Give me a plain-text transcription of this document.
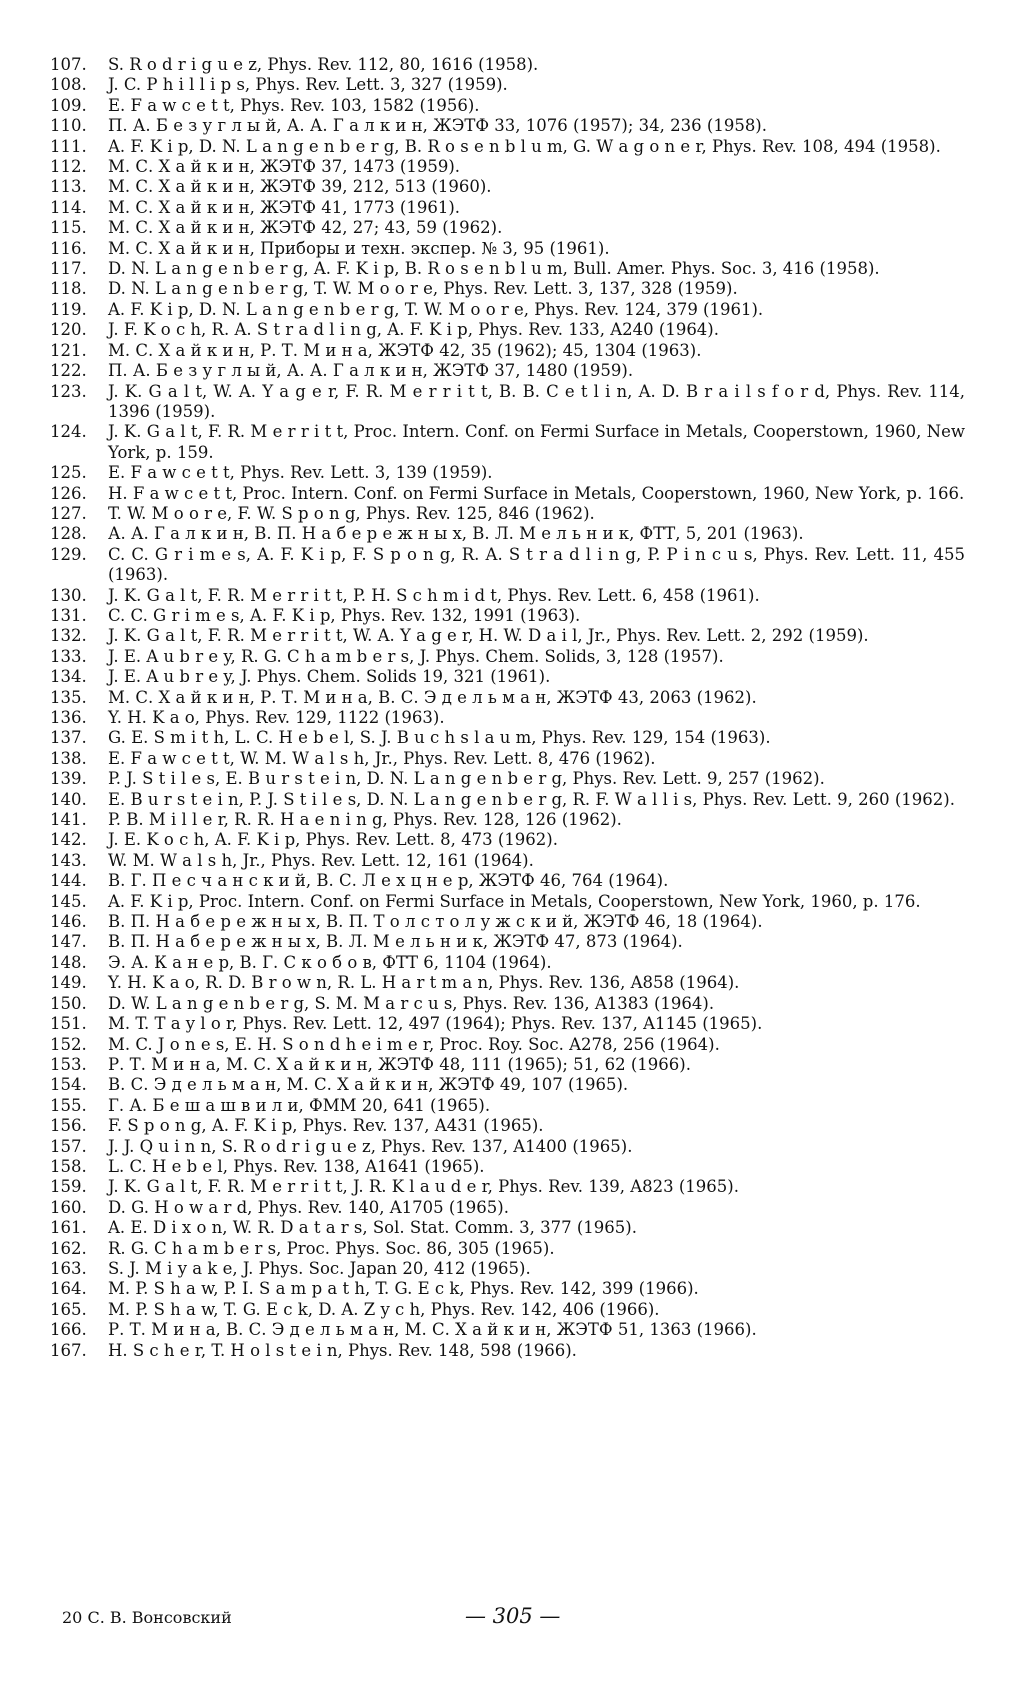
107.	S. R o d r i g u e z, Phys. Rev. 112, 80, 1616 (1958).
108.	J. C. P h i l l i p s, Phys. Rev. Lett. 3, 327 (1959).
109.	E. F a w c e t t, Phys. Rev. 103, 1582 (1956).
110.	П. А. Б е з у г л ы й, А. А. Г а л к и н, ЖЭТФ 33, 1076 (1957); 34, 236 (1958).
111.	A. F. K i p, D. N. L a n g e n b e r g, B. R o s e n b l u m, G. W a g o n e r, Phys. Rev. 108, 494 (1958).
112.	М. С. Х а й к и н, ЖЭТФ 37, 1473 (1959).
113.	М. С. Х а й к и н, ЖЭТФ 39, 212, 513 (1960).
114.	М. С. Х а й к и н, ЖЭТФ 41, 1773 (1961).
115.	М. С. Х а й к и н, ЖЭТФ 42, 27; 43, 59 (1962).
116.	М. С. Х а й к и н, Приборы и техн. экспер. № 3, 95 (1961).
117.	D. N. L a n g e n b e r g, A. F. K i p, B. R o s e n b l u m, Bull. Amer. Phys. Soc. 3, 416 (1958).
118.	D. N. L a n g e n b e r g, T. W. M o o r e, Phys. Rev. Lett. 3, 137, 328 (1959).
119.	A. F. K i p, D. N. L a n g e n b e r g, T. W. M o o r e, Phys. Rev. 124, 379 (1961).
120.	J. F. K o c h, R. A. S t r a d l i n g, A. F. K i p, Phys. Rev. 133, A240 (1964).
121.	М. С. Х а й к и н, Р. Т. М и н а, ЖЭТФ 42, 35 (1962); 45, 1304 (1963).
122.	П. А. Б е з у г л ы й, А. А. Г а л к и н, ЖЭТФ 37, 1480 (1959).
123.	J. K. G a l t, W. A. Y a g e r, F. R. M e r r i t t, B. B. C e t l i n, A. D. B r a i l s f o r d, Phys. Rev. 114, 1396 (1959).
124.	J. K. G a l t, F. R. M e r r i t t, Proc. Intern. Conf. on Fermi Surface in Metals, Cooperstown, 1960, New York, p. 159.
125.	E. F a w c e t t, Phys. Rev. Lett. 3, 139 (1959).
126.	H. F a w c e t t, Proc. Intern. Conf. on Fermi Surface in Metals, Cooperstown, 1960, New York, p. 166.
127.	T. W. M o o r e, F. W. S p o n g, Phys. Rev. 125, 846 (1962).
128.	А. А. Г а л к и н, В. П. Н а б е р е ж н ы х, В. Л. М е л ь н и к, ФТТ, 5, 201 (1963).
129.	C. C. G r i m e s, A. F. K i p, F. S p o n g, R. A. S t r a d l i n g, P. P i n c u s, Phys. Rev. Lett. 11, 455 (1963).
130.	J. K. G a l t, F. R. M e r r i t t, P. H. S c h m i d t, Phys. Rev. Lett. 6, 458 (1961).
131.	C. C. G r i m e s, A. F. K i p, Phys. Rev. 132, 1991 (1963).
132.	J. K. G a l t, F. R. M e r r i t t, W. A. Y a g e r, H. W. D a i l, Jr., Phys. Rev. Lett. 2, 292 (1959).
133.	J. E. A u b r e y, R. G. C h a m b e r s, J. Phys. Chem. Solids, 3, 128 (1957).
134.	J. E. A u b r e y, J. Phys. Chem. Solids 19, 321 (1961).
135.	М. С. Х а й к и н, Р. Т. М и н а, В. С. Э д е л ь м а н, ЖЭТФ 43, 2063 (1962).
136.	Y. H. K a o, Phys. Rev. 129, 1122 (1963).
137.	G. E. S m i t h, L. C. H e b e l, S. J. B u c h s l a u m, Phys. Rev. 129, 154 (1963).
138.	E. F a w c e t t, W. M. W a l s h, Jr., Phys. Rev. Lett. 8, 476 (1962).
139.	P. J. S t i l e s, E. B u r s t e i n, D. N. L a n g e n b e r g, Phys. Rev. Lett. 9, 257 (1962).
140.	E. B u r s t e i n, P. J. S t i l e s, D. N. L a n g e n b e r g, R. F. W a l l i s, Phys. Rev. Lett. 9, 260 (1962).
141.	P. B. M i l l e r, R. R. H a e n i n g, Phys. Rev. 128, 126 (1962).
142.	J. E. K o c h, A. F. K i p, Phys. Rev. Lett. 8, 473 (1962).
143.	W. M. W a l s h, Jr., Phys. Rev. Lett. 12, 161 (1964).
144.	В. Г. П е с ч а н с к и й, В. С. Л е х ц н е р, ЖЭТФ 46, 764 (1964).
145.	A. F. K i p, Proc. Intern. Conf. on Fermi Surface in Metals, Cooperstown, New York, 1960, p. 176.
146.	В. П. Н а б е р е ж н ы х, В. П. Т о л с т о л у ж с к и й, ЖЭТФ 46, 18 (1964).
147.	В. П. Н а б е р е ж н ы х, В. Л. М е л ь н и к, ЖЭТФ 47, 873 (1964).
148.	Э. А. К а н е р, В. Г. С к о б о в, ФТТ 6, 1104 (1964).
149.	Y. H. K a o, R. D. B r o w n, R. L. H a r t m a n, Phys. Rev. 136, A858 (1964).
150.	D. W. L a n g e n b e r g, S. M. M a r c u s, Phys. Rev. 136, A1383 (1964).
151.	M. T. T a y l o r, Phys. Rev. Lett. 12, 497 (1964); Phys. Rev. 137, A1145 (1965).
152.	M. C. J o n e s, E. H. S o n d h e i m e r, Proc. Roy. Soc. A278, 256 (1964).
153.	Р. Т. М и н а, М. С. Х а й к и н, ЖЭТФ 48, 111 (1965); 51, 62 (1966).
154.	В. С. Э д е л ь м а н, М. С. Х а й к и н, ЖЭТФ 49, 107 (1965).
155.	Г. А. Б е ш а ш в и л и, ФММ 20, 641 (1965).
156.	F. S p o n g, A. F. K i p, Phys. Rev. 137, A431 (1965).
157.	J. J. Q u i n n, S. R o d r i g u e z, Phys. Rev. 137, A1400 (1965).
158.	L. C. H e b e l, Phys. Rev. 138, A1641 (1965).
159.	J. K. G a l t, F. R. M e r r i t t, J. R. K l a u d e r, Phys. Rev. 139, A823 (1965).
160.	D. G. H o w a r d, Phys. Rev. 140, A1705 (1965).
161.	A. E. D i x o n, W. R. D a t a r s, Sol. Stat. Comm. 3, 377 (1965).
162.	R. G. C h a m b e r s, Proc. Phys. Soc. 86, 305 (1965).
163.	S. J. M i y a k e, J. Phys. Soc. Japan 20, 412 (1965).
164.	M. P. S h a w, P. I. S a m p a t h, T. G. E c k, Phys. Rev. 142, 399 (1966).
165.	M. P. S h a w, T. G. E c k, D. A. Z y c h, Phys. Rev. 142, 406 (1966).
166.	Р. Т. М и н а, В. С. Э д е л ь м а н, М. С. Х а й к и н, ЖЭТФ 51, 1363 (1966).
167.	H. S c h e r, T. H o l s t e i n, Phys. Rev. 148, 598 (1966).
20 С. В. Вонсовский	— 305 —
